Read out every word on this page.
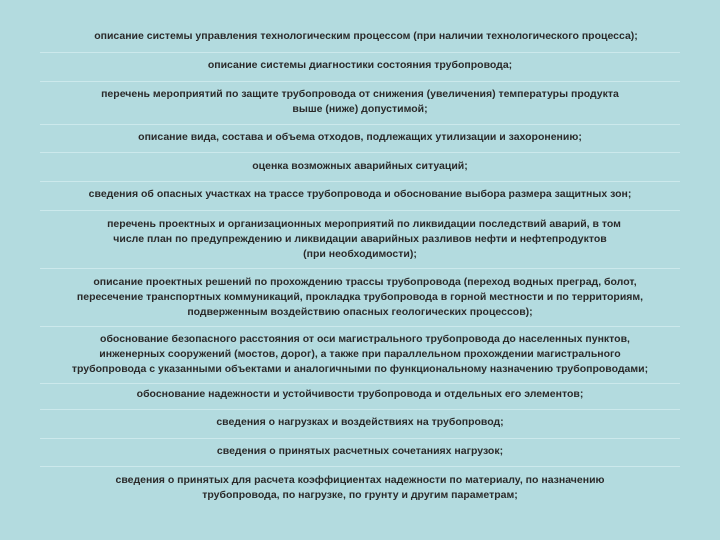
описание системы управления технологическим процессом (при наличии технологического процесса);
описание системы диагностики состояния трубопровода;
перечень мероприятий по защите трубопровода от снижения (увеличения) температуры продукта
выше (ниже) допустимой;
описание вида, состава и объема отходов, подлежащих утилизации и захоронению;
оценка возможных аварийных ситуаций;
сведения об опасных участках на трассе трубопровода и обоснование выбора размера защитных зон;
перечень проектных и организационных мероприятий по ликвидации последствий аварий, в том
числе план по предупреждению и ликвидации аварийных разливов нефти и нефтепродуктов
(при необходимости);
описание проектных решений по прохождению трассы трубопровода (переход водных преград, болот,
пересечение транспортных коммуникаций, прокладка трубопровода в горной местности и по территориям,
подверженным воздействию опасных геологических процессов);
обоснование безопасного расстояния от оси магистрального трубопровода до населенных пунктов,
инженерных сооружений (мостов, дорог), а также при параллельном прохождении магистрального
трубопровода с указанными объектами и аналогичными по функциональному назначению трубопроводами;
обоснование надежности и устойчивости трубопровода и отдельных его элементов;
сведения о нагрузках и воздействиях на трубопровод;
сведения о принятых расчетных сочетаниях нагрузок;
сведения о принятых для расчета коэффициентах надежности по материалу, по назначению
трубопровода, по нагрузке, по грунту и другим параметрам;
